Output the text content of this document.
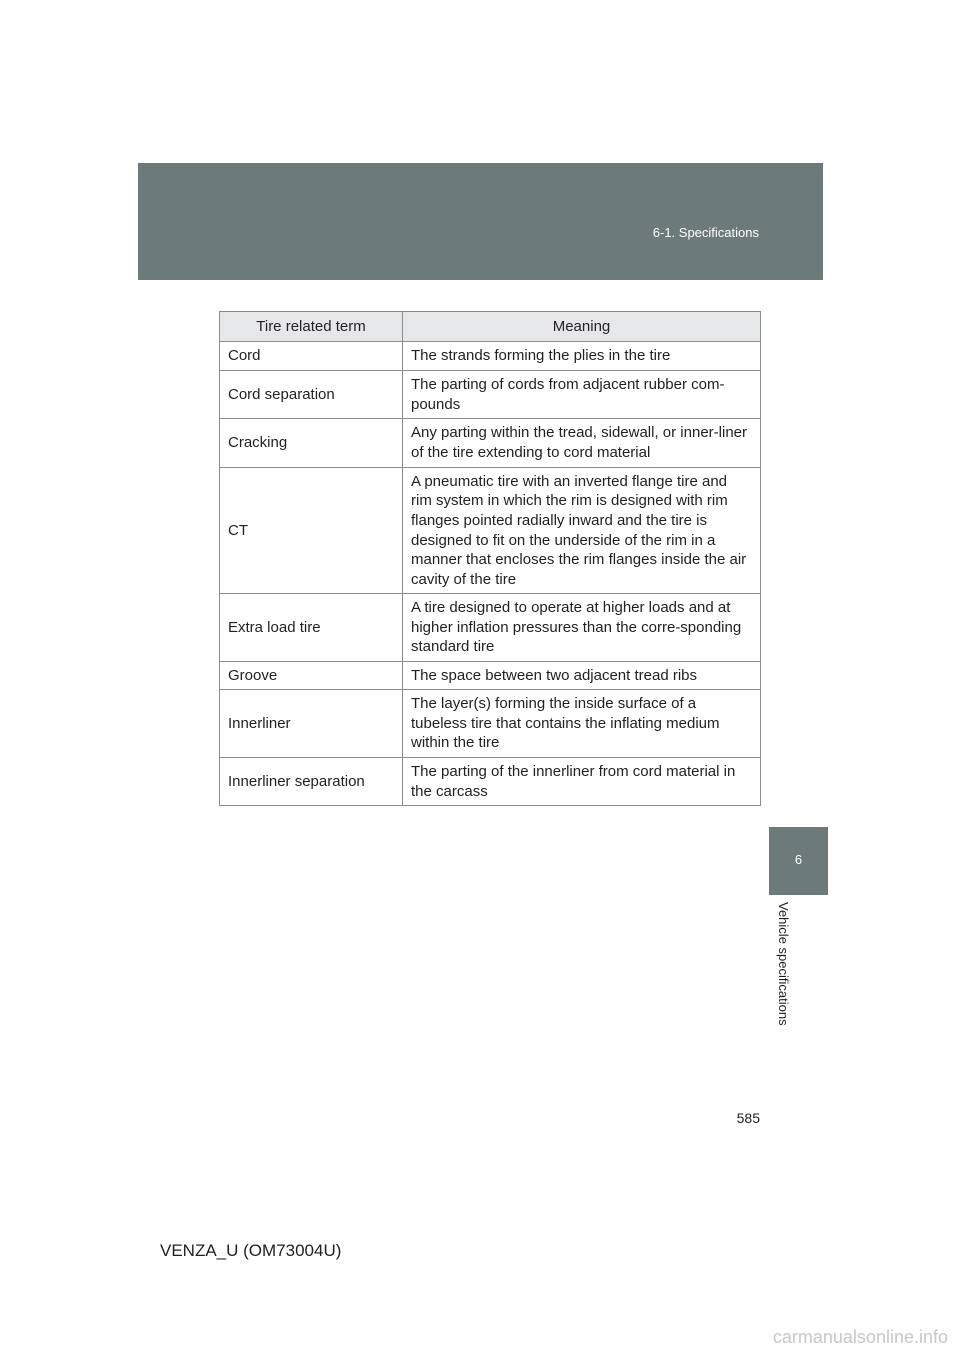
6-1. Specifications
Tire related term	Meaning
Cord	The strands forming the plies in the tire
Cord separation	The parting of cords from adjacent rubber com-pounds
Cracking	Any parting within the tread, sidewall, or inner-liner of the tire extending to cord material
CT	A pneumatic tire with an inverted flange tire and rim system in which the rim is designed with rim flanges pointed radially inward and the tire is designed to fit on the underside of the rim in a manner that encloses the rim flanges inside the air cavity of the tire
Extra load tire	A tire designed to operate at higher loads and at higher inflation pressures than the corre-sponding standard tire
Groove	The space between two adjacent tread ribs
Innerliner	The layer(s) forming the inside surface of a tubeless tire that contains the inflating medium within the tire
Innerliner separation	The parting of the innerliner from cord material in the carcass
6
Vehicle specifications
585
VENZA_U (OM73004U)
carmanualsonline.info
